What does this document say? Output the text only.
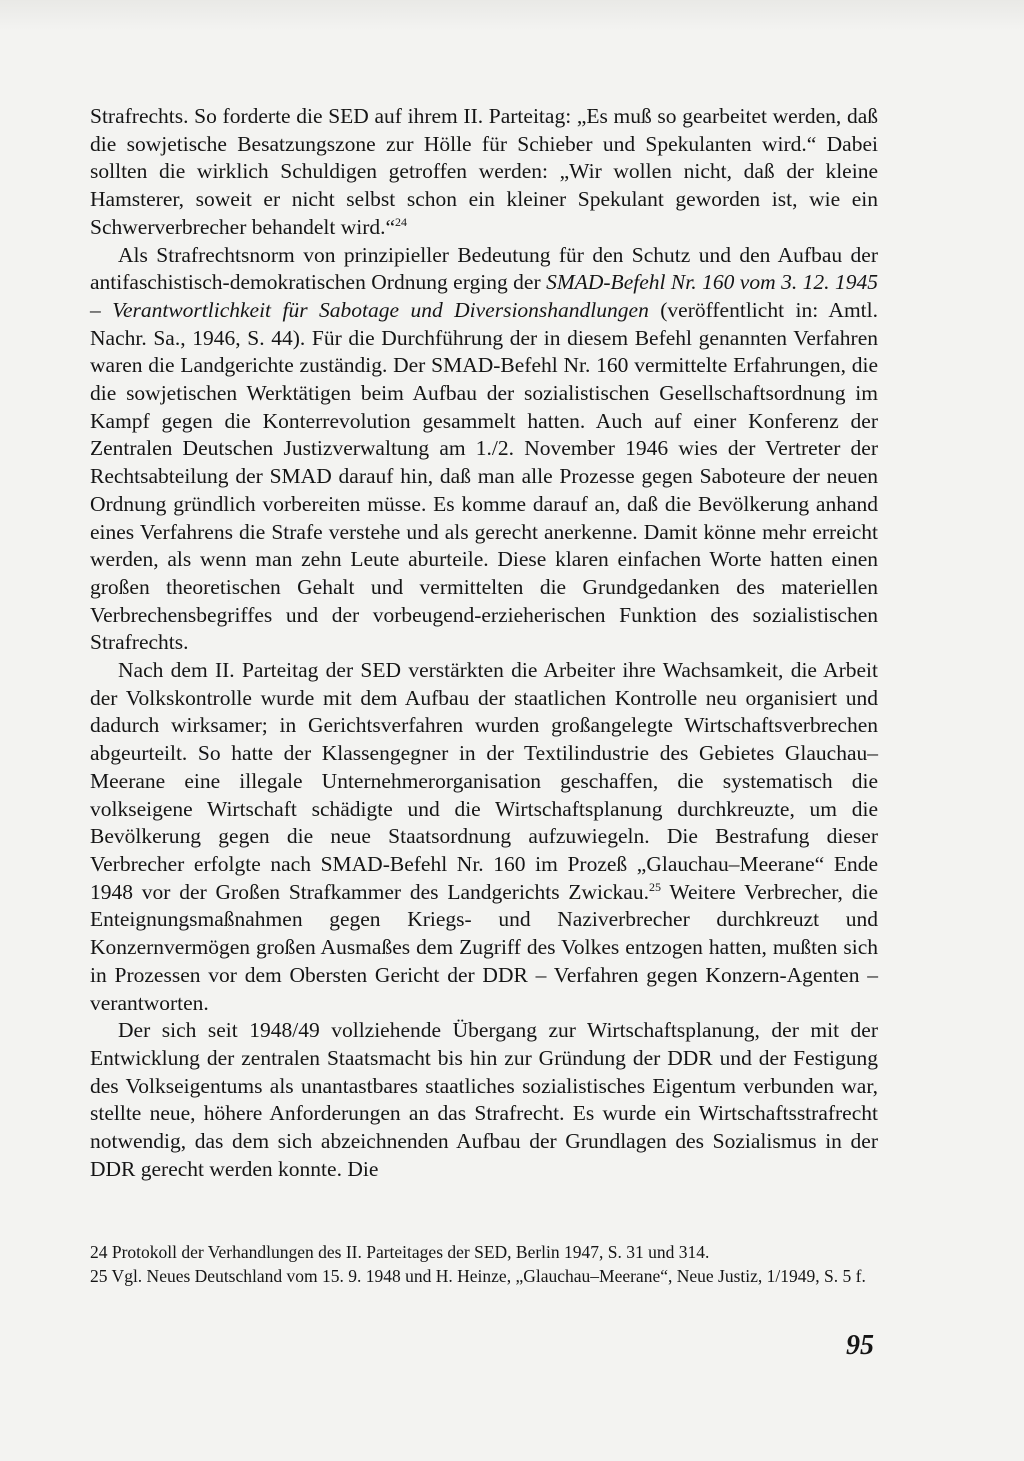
Strafrechts. So forderte die SED auf ihrem II. Parteitag: „Es muß so gearbeitet werden, daß die sowjetische Besatzungszone zur Hölle für Schieber und Spekulanten wird.“ Dabei sollten die wirklich Schuldigen getroffen werden: „Wir wollen nicht, daß der kleine Hamsterer, soweit er nicht selbst schon ein kleiner Spekulant geworden ist, wie ein Schwerverbrecher behandelt wird.“$^{24}$

Als Strafrechtsnorm von prinzipieller Bedeutung für den Schutz und den Aufbau der antifaschistisch-demokratischen Ordnung erging der SMAD-Befehl Nr. 160 vom 3. 12. 1945 – Verantwortlichkeit für Sabotage und Diversionshandlungen (veröffentlicht in: Amtl. Nachr. Sa., 1946, S. 44). Für die Durchführung der in diesem Befehl genannten Verfahren waren die Landgerichte zuständig. Der SMAD-Befehl Nr. 160 vermittelte Erfahrungen, die die sowjetischen Werktätigen beim Aufbau der sozialistischen Gesellschaftsordnung im Kampf gegen die Konterrevolution gesammelt hatten. Auch auf einer Konferenz der Zentralen Deutschen Justizverwaltung am 1./2. November 1946 wies der Vertreter der Rechtsabteilung der SMAD darauf hin, daß man alle Prozesse gegen Saboteure der neuen Ordnung gründlich vorbereiten müsse. Es komme darauf an, daß die Bevölkerung anhand eines Verfahrens die Strafe verstehe und als gerecht anerkenne. Damit könne mehr erreicht werden, als wenn man zehn Leute aburteile. Diese klaren einfachen Worte hatten einen großen theoretischen Gehalt und vermittelten die Grundgedanken des materiellen Verbrechensbegriffes und der vorbeugend-erzieherischen Funktion des sozialistischen Strafrechts.

Nach dem II. Parteitag der SED verstärkten die Arbeiter ihre Wachsamkeit, die Arbeit der Volkskontrolle wurde mit dem Aufbau der staatlichen Kontrolle neu organisiert und dadurch wirksamer; in Gerichtsverfahren wurden großangelegte Wirtschaftsverbrechen abgeurteilt. So hatte der Klassengegner in der Textilindustrie des Gebietes Glauchau–Meerane eine illegale Unternehmerorganisation geschaffen, die systematisch die volkseigene Wirtschaft schädigte und die Wirtschaftsplanung durchkreuzte, um die Bevölkerung gegen die neue Staatsordnung aufzuwiegeln. Die Bestrafung dieser Verbrecher erfolgte nach SMAD-Befehl Nr. 160 im Prozeß „Glauchau–Meerane“ Ende 1948 vor der Großen Strafkammer des Landgerichts Zwickau.$^{25}$ Weitere Verbrecher, die Enteignungsmaßnahmen gegen Kriegs- und Naziverbrecher durchkreuzt und Konzernvermögen großen Ausmaßes dem Zugriff des Volkes entzogen hatten, mußten sich in Prozessen vor dem Obersten Gericht der DDR – Verfahren gegen Konzern-Agenten – verantworten.

Der sich seit 1948/49 vollziehende Übergang zur Wirtschaftsplanung, der mit der Entwicklung der zentralen Staatsmacht bis hin zur Gründung der DDR und der Festigung des Volkseigentums als unantastbares staatliches sozialistisches Eigentum verbunden war, stellte neue, höhere Anforderungen an das Strafrecht. Es wurde ein Wirtschaftsstrafrecht notwendig, das dem sich abzeichnenden Aufbau der Grundlagen des Sozialismus in der DDR gerecht werden konnte. Die

24 Protokoll der Verhandlungen des II. Parteitages der SED, Berlin 1947, S. 31 und 314.

25 Vgl. Neues Deutschland vom 15. 9. 1948 und H. Heinze, „Glauchau–Meerane“, Neue Justiz, 1/1949, S. 5 f.

95
